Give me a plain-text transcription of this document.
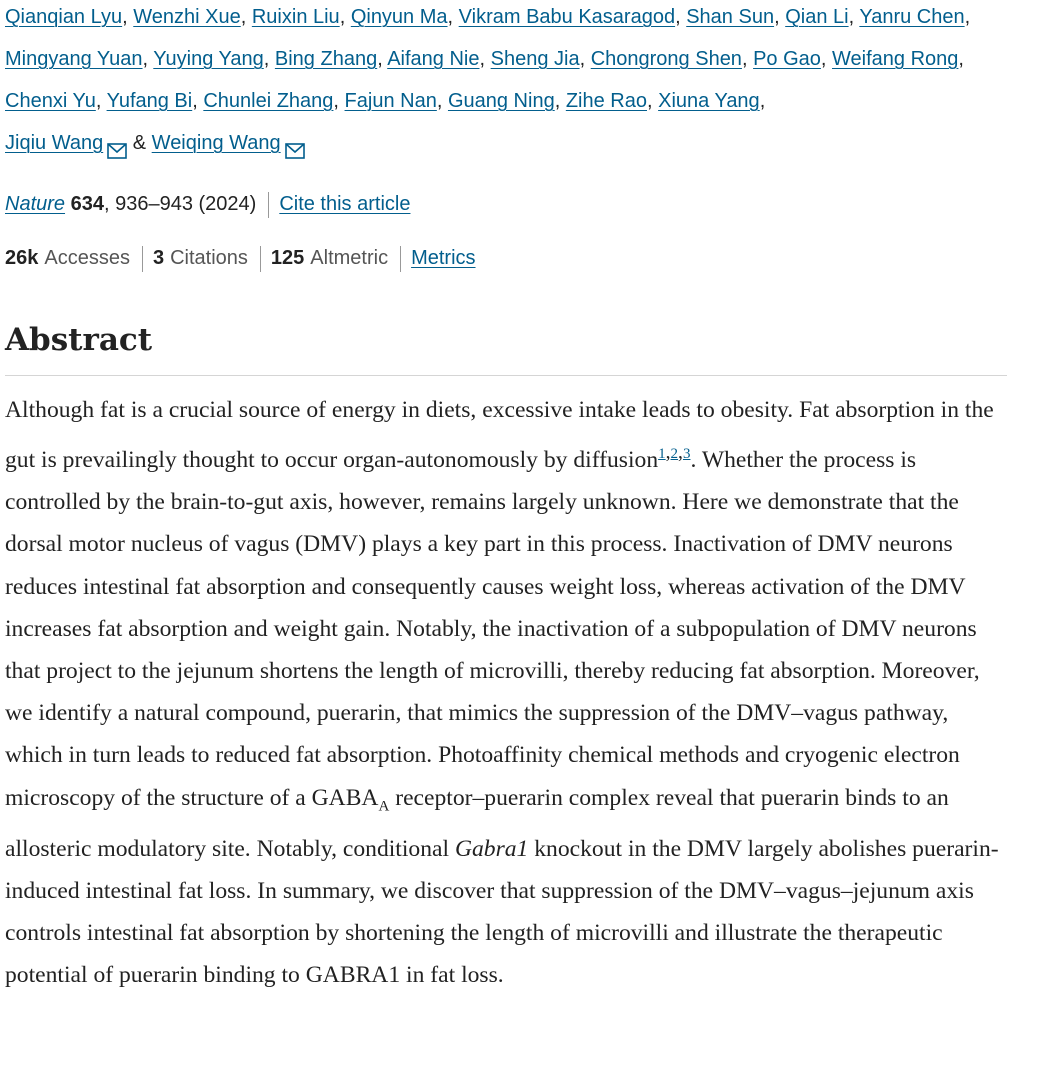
Qianqian Lyu, Wenzhi Xue, Ruixin Liu, Qinyun Ma, Vikram Babu Kasaragod, Shan Sun, Qian Li, Yanru Chen, Mingyang Yuan, Yuying Yang, Bing Zhang, Aifang Nie, Sheng Jia, Chongrong Shen, Po Gao, Weifang Rong, Chenxi Yu, Yufang Bi, Chunlei Zhang, Fajun Nan, Guang Ning, Zihe Rao, Xiuna Yang,
Jiqiu Wang & Weiqing Wang

Nature 634, 936–943 (2024) Cite this article
26k Accesses 3 Citations 125 Altmetric Metrics
Abstract

Although fat is a crucial source of energy in diets, excessive intake leads to obesity. Fat absorption in the gut is prevailingly thought to occur organ-autonomously by diffusion$^{1,2,3}$. Whether the process is controlled by the brain-to-gut axis, however, remains largely unknown. Here we demonstrate that the dorsal motor nucleus of vagus (DMV) plays a key part in this process. Inactivation of DMV neurons reduces intestinal fat absorption and consequently causes weight loss, whereas activation of the DMV increases fat absorption and weight gain. Notably, the inactivation of a subpopulation of DMV neurons that project to the jejunum shortens the length of microvilli, thereby reducing fat absorption. Moreover, we identify a natural compound, puerarin, that mimics the suppression of the DMV–vagus pathway, which in turn leads to reduced fat absorption. Photoaffinity chemical methods and cryogenic electron microscopy of the structure of a $GABA_A$ receptor–puerarin complex reveal that puerarin binds to an allosteric modulatory site. Notably, conditional Gabra1 knockout in the DMV largely abolishes puerarin-induced intestinal fat loss. In summary, we discover that suppression of the DMV–vagus–jejunum axis controls intestinal fat absorption by shortening the length of microvilli and illustrate the therapeutic potential of puerarin binding to GABRA1 in fat loss.
